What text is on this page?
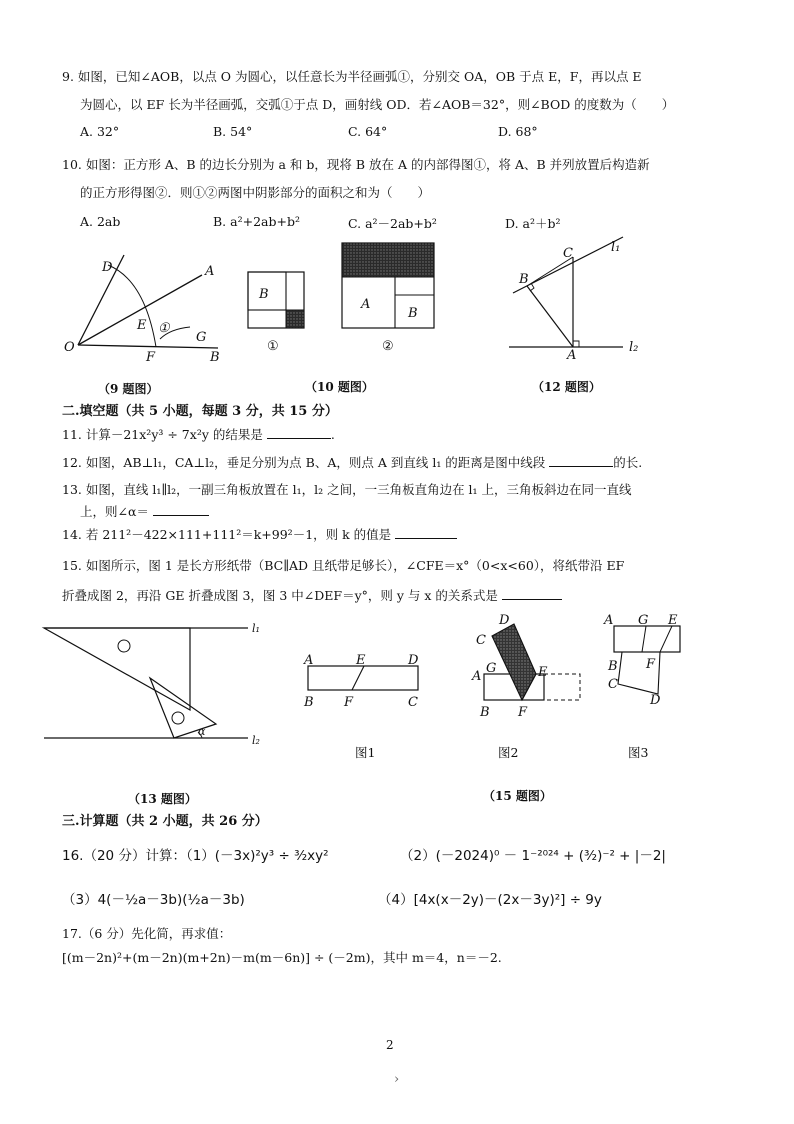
9. 如图，已知∠AOB，以点 O 为圆心，以任意长为半径画弧①，分别交 OA，OB 于点 E，F，再以点 E
为圆心，以 EF 长为半径画弧，交弧①于点 D，画射线 OD．若∠AOB＝32°，则∠BOD 的度数为（　　）
A. 32°	B. 54°	C. 64°	D. 68°
10. 如图：正方形 A、B 的边长分别为 a 和 b，现将 B 放在 A 的内部得图①，将 A、B 并列放置后构造新
的正方形得图②．则①②两图中阴影部分的面积之和为（　　）
A. 2ab	B. a²+2ab+b²	C. a²－2ab+b²	D. a²＋b²
D	A
E ①
G
O
F	B
（9 题图）
B
①
A
B
②
（10 题图）
C
B
A
l₁
l₂
（12 题图）
二.填空题（共 5 小题，每题 3 分，共 15 分）
11. 计算－21x²y³ ÷ 7x²y 的结果是	.
12. 如图，AB⊥l₁，CA⊥l₂，垂足分别为点 B、A，则点 A 到直线 l₁ 的距离是图中线段	的长.
13. 如图，直线 l₁∥l₂，一副三角板放置在 l₁，l₂ 之间，一三角板直角边在 l₁ 上，三角板斜边在同一直线
上，则∠α＝
14. 若 211²－422×111+111²＝k+99²－1，则 k 的值是
15. 如图所示，图 1 是长方形纸带（BC∥AD 且纸带足够长），∠CFE＝x°（0<x<60），将纸带沿 EF
折叠成图 2，再沿 GE 折叠成图 3，图 3 中∠DEF＝y°，则 y 与 x 的关系式是
l₁
l₂
α
（13 题图）
A	E	D
B F	C
图1
D
C
A
G	E
B F
图2
A G E
B F
C
D
图3
（15 题图）
三.计算题（共 2 小题，共 26 分）
16.（20 分）计算：（1）(－3x)²y³ ÷ ³⁄₂xy²	（2）(－2024)⁰ － 1⁻²⁰²⁴ + (³⁄₂)⁻² + |－2|
（3）4(－½a－3b)(½a－3b)	（4）[4x(x－2y)－(2x－3y)²] ÷ 9y
17.（6 分）先化简，再求值：
[(m－2n)²+(m－2n)(m+2n)－m(m－6n)] ÷ (－2m)，其中 m＝4，n＝－2.
2
›
